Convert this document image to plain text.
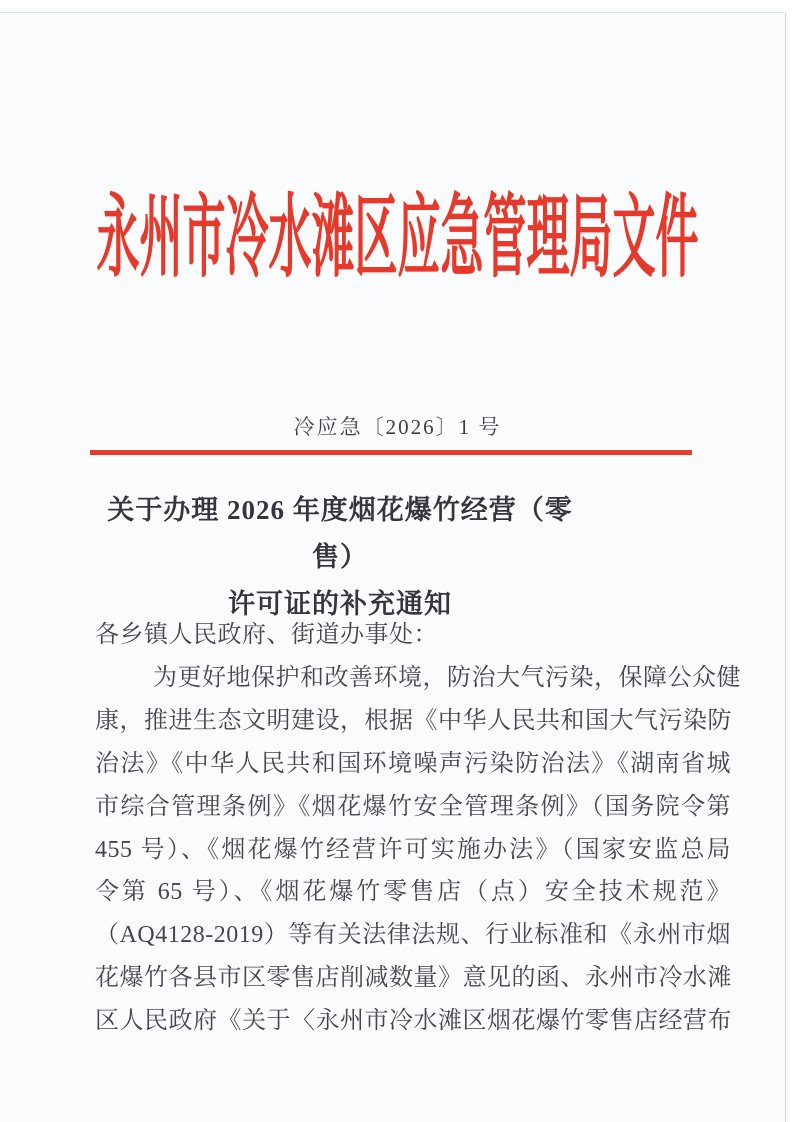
永州市冷水滩区应急管理局文件
冷应急〔2026〕1 号
关于办理 2026 年度烟花爆竹经营（零售）
许可证的补充通知
各乡镇人民政府、街道办事处：
为更好地保护和改善环境，防治大气污染，保障公众健
康，推进生态文明建设，根据《中华人民共和国大气污染防
治法》《中华人民共和国环境噪声污染防治法》《湖南省城
市综合管理条例》《烟花爆竹安全管理条例》（国务院令第
455 号）、《烟花爆竹经营许可实施办法》（国家安监总局
令第 65 号）、《烟花爆竹零售店（点）安全技术规范》
（AQ4128-2019）等有关法律法规、行业标准和《永州市烟
花爆竹各县市区零售店削减数量》意见的函、永州市冷水滩
区人民政府《关于〈永州市冷水滩区烟花爆竹零售店经营布
